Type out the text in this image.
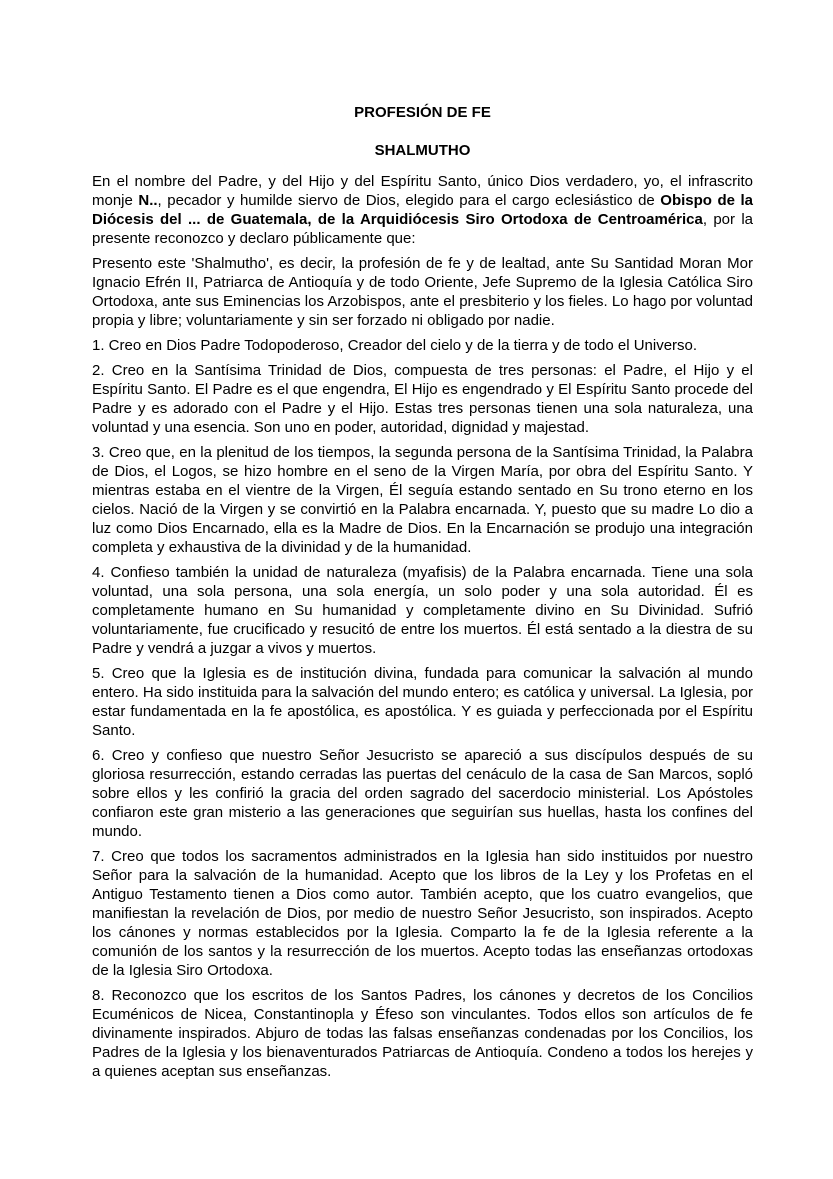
PROFESIÓN DE FE
SHALMUTHO

En el nombre del Padre, y del Hijo y del Espíritu Santo, único Dios verdadero, yo, el infrascrito monje N.., pecador y humilde siervo de Dios, elegido para el cargo eclesiástico de Obispo de la Diócesis del ... de Guatemala, de la Arquidiócesis Siro Ortodoxa de Centroamérica, por la presente reconozco y declaro públicamente que:

Presento este 'Shalmutho', es decir, la profesión de fe y de lealtad, ante Su Santidad Moran Mor Ignacio Efrén II, Patriarca de Antioquía y de todo Oriente, Jefe Supremo de la Iglesia Católica Siro Ortodoxa, ante sus Eminencias los Arzobispos, ante el presbiterio y los fieles. Lo hago por voluntad propia y libre; voluntariamente y sin ser forzado ni obligado por nadie.

1. Creo en Dios Padre Todopoderoso, Creador del cielo y de la tierra y de todo el Universo.

2. Creo en la Santísima Trinidad de Dios, compuesta de tres personas: el Padre, el Hijo y el Espíritu Santo. El Padre es el que engendra, El Hijo es engendrado y El Espíritu Santo procede del Padre y es adorado con el Padre y el Hijo. Estas tres personas tienen una sola naturaleza, una voluntad y una esencia. Son uno en poder, autoridad, dignidad y majestad.

3. Creo que, en la plenitud de los tiempos, la segunda persona de la Santísima Trinidad, la Palabra de Dios, el Logos, se hizo hombre en el seno de la Virgen María, por obra del Espíritu Santo. Y mientras estaba en el vientre de la Virgen, Él seguía estando sentado en Su trono eterno en los cielos. Nació de la Virgen y se convirtió en la Palabra encarnada. Y, puesto que su madre Lo dio a luz como Dios Encarnado, ella es la Madre de Dios. En la Encarnación se produjo una integración completa y exhaustiva de la divinidad y de la humanidad.

4. Confieso también la unidad de naturaleza (myafisis) de la Palabra encarnada. Tiene una sola voluntad, una sola persona, una sola energía, un solo poder y una sola autoridad. Él es completamente humano en Su humanidad y completamente divino en Su Divinidad. Sufrió voluntariamente, fue crucificado y resucitó de entre los muertos. Él está sentado a la diestra de su Padre y vendrá a juzgar a vivos y muertos.

5. Creo que la Iglesia es de institución divina, fundada para comunicar la salvación al mundo entero. Ha sido instituida para la salvación del mundo entero; es católica y universal. La Iglesia, por estar fundamentada en la fe apostólica, es apostólica. Y es guiada y perfeccionada por el Espíritu Santo.

6. Creo y confieso que nuestro Señor Jesucristo se apareció a sus discípulos después de su gloriosa resurrección, estando cerradas las puertas del cenáculo de la casa de San Marcos, sopló sobre ellos y les confirió la gracia del orden sagrado del sacerdocio ministerial. Los Apóstoles confiaron este gran misterio a las generaciones que seguirían sus huellas, hasta los confines del mundo.

7. Creo que todos los sacramentos administrados en la Iglesia han sido instituidos por nuestro Señor para la salvación de la humanidad. Acepto que los libros de la Ley y los Profetas en el Antiguo Testamento tienen a Dios como autor. También acepto, que los cuatro evangelios, que manifiestan la revelación de Dios, por medio de nuestro Señor Jesucristo, son inspirados. Acepto los cánones y normas establecidos por la Iglesia. Comparto la fe de la Iglesia referente a la comunión de los santos y la resurrección de los muertos. Acepto todas las enseñanzas ortodoxas de la Iglesia Siro Ortodoxa.

8. Reconozco que los escritos de los Santos Padres, los cánones y decretos de los Concilios Ecuménicos de Nicea, Constantinopla y Éfeso son vinculantes. Todos ellos son artículos de fe divinamente inspirados. Abjuro de todas las falsas enseñanzas condenadas por los Concilios, los Padres de la Iglesia y los bienaventurados Patriarcas de Antioquía. Condeno a todos los herejes y a quienes aceptan sus enseñanzas.
